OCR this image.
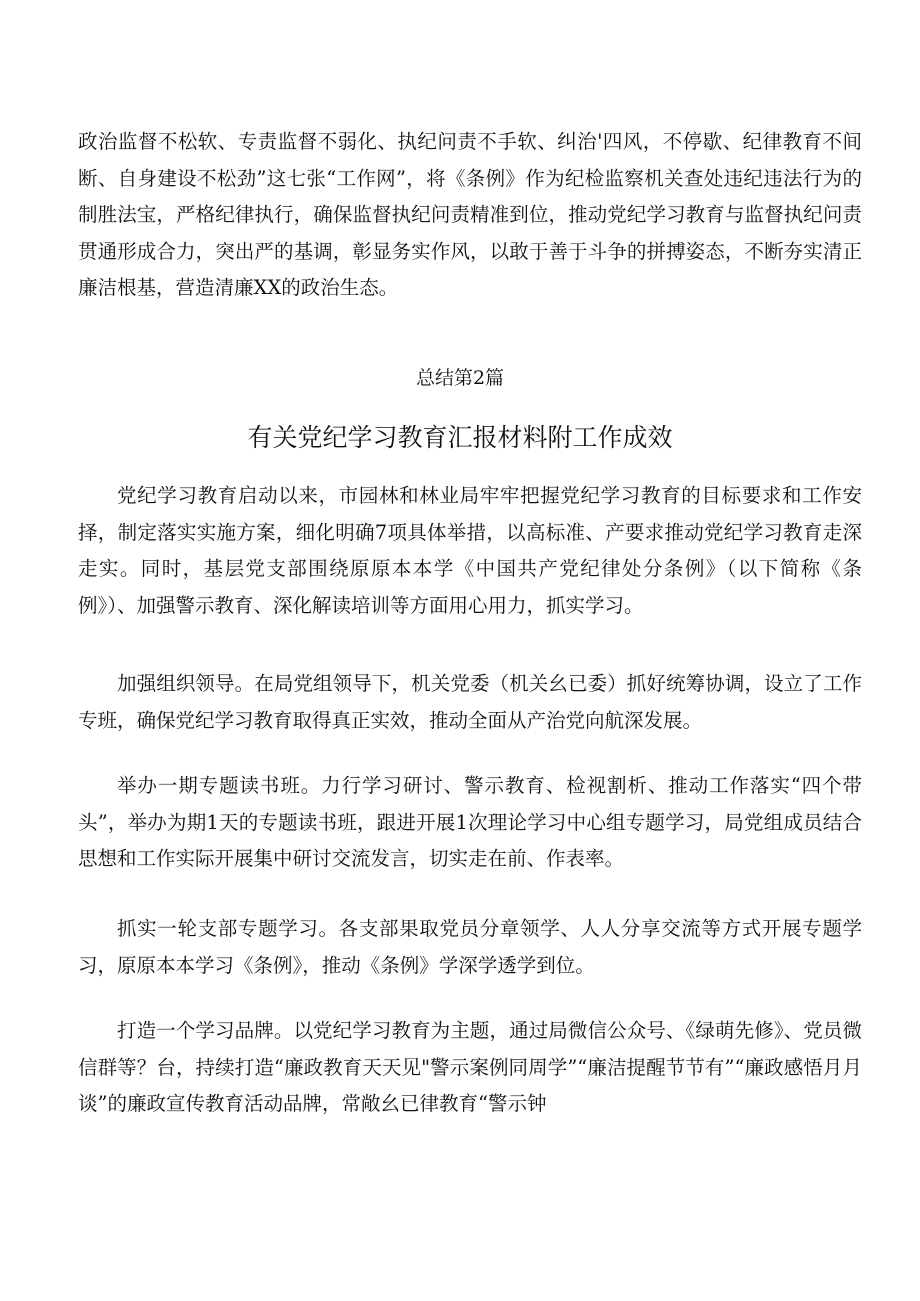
政治监督不松软、专责监督不弱化、执纪问责不手软、纠治'四风，不停歇、纪律教育不间断、自身建设不松劲”这七张“工作网”，将《条例》作为纪检监察机关查处违纪违法行为的制胜法宝，严格纪律执行，确保监督执纪问责精准到位，推动党纪学习教育与监督执纪问责贯通形成合力，突出严的基调，彰显务实作风，以敢于善于斗争的拼搏姿态，不断夯实清正廉洁根基，营造清廉XX的政治生态。

总结第2篇

有关党纪学习教育汇报材料附工作成效

党纪学习教育启动以来，市园林和林业局牢牢把握党纪学习教育的目标要求和工作安择，制定落实实施方案，细化明确7项具体举措，以高标准、产要求推动党纪学习教育走深走实。同时，基层党支部围绕原原本本学《中国共产党纪律处分条例》（以下简称《条例》）、加强警示教育、深化解读培训等方面用心用力，抓实学习。

加强组织领导。在局党组领导下，机关党委（机关幺已委）抓好统筹协调，设立了工作专班，确保党纪学习教育取得真正实效，推动全面从产治党向航深发展。

举办一期专题读书班。力行学习研讨、警示教育、检视割析、推动工作落实“四个带头”，举办为期1天的专题读书班，跟进开展1次理论学习中心组专题学习，局党组成员结合思想和工作实际开展集中研讨交流发言，切实走在前、作表率。

抓实一轮支部专题学习。各支部果取党员分章领学、人人分享交流等方式开展专题学习，原原本本学习《条例》，推动《条例》学深学透学到位。

打造一个学习品牌。以党纪学习教育为主题，通过局微信公众号、《绿萌先修》、党员微信群等？台，持续打造“廉政教育天天见"警示案例同周学”“廉洁提醒节节有”“廉政感悟月月谈”的廉政宣传教育活动品牌，常敞幺已律教育“警示钟
